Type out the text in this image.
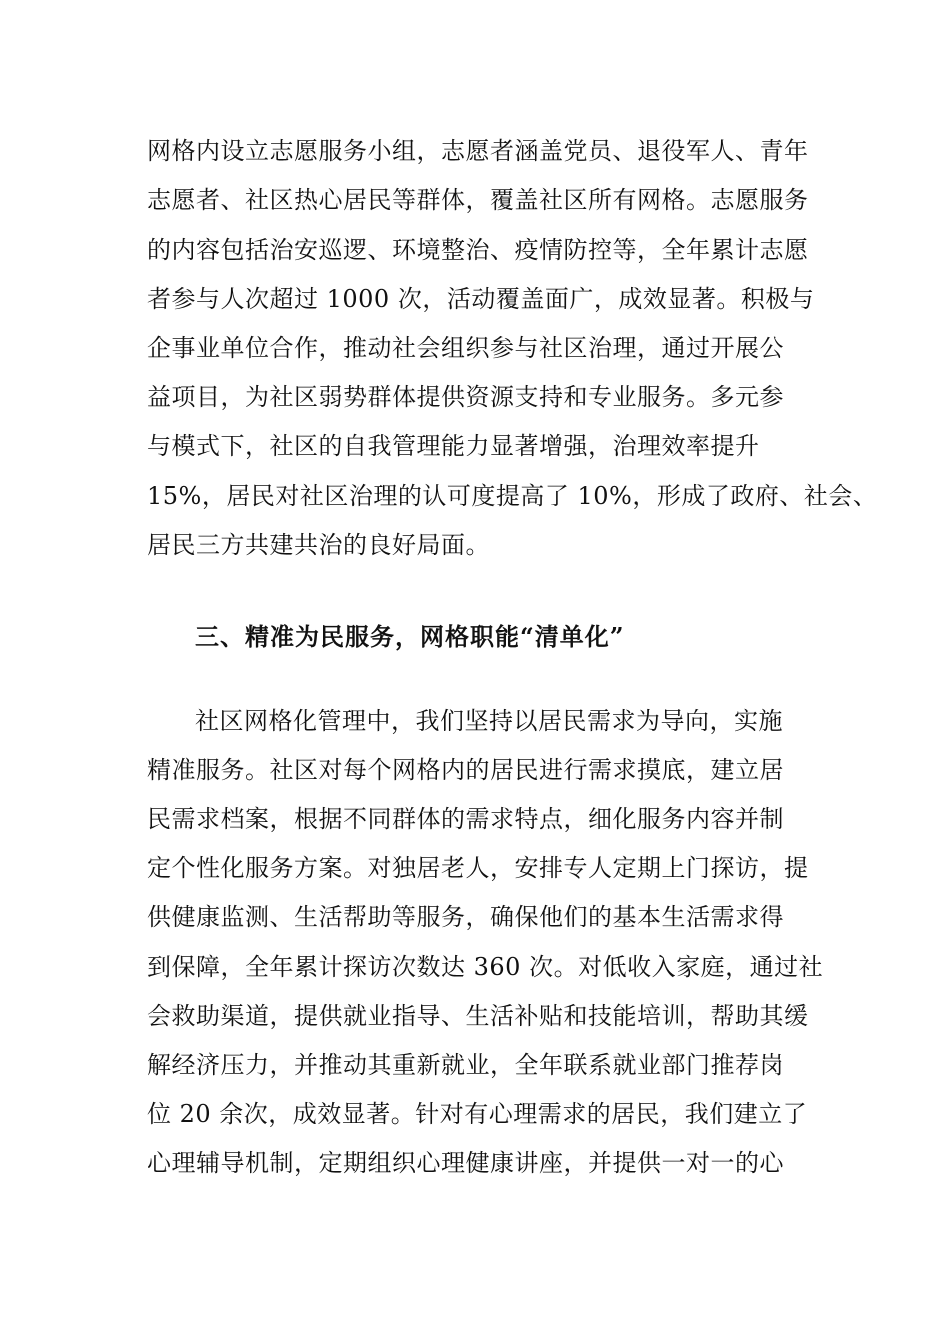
网格内设立志愿服务小组，志愿者涵盖党员、退役军人、青年
志愿者、社区热心居民等群体，覆盖社区所有网格。志愿服务
的内容包括治安巡逻、环境整治、疫情防控等，全年累计志愿
者参与人次超过 1000 次，活动覆盖面广，成效显著。积极与
企事业单位合作，推动社会组织参与社区治理，通过开展公
益项目，为社区弱势群体提供资源支持和专业服务。多元参
与模式下，社区的自我管理能力显著增强，治理效率提升
15%，居民对社区治理的认可度提高了 10%，形成了政府、社会、
居民三方共建共治的良好局面。
三、精准为民服务，网格职能“清单化”
社区网格化管理中，我们坚持以居民需求为导向，实施
精准服务。社区对每个网格内的居民进行需求摸底，建立居
民需求档案，根据不同群体的需求特点，细化服务内容并制
定个性化服务方案。对独居老人，安排专人定期上门探访，提
供健康监测、生活帮助等服务，确保他们的基本生活需求得
到保障，全年累计探访次数达 360 次。对低收入家庭，通过社
会救助渠道，提供就业指导、生活补贴和技能培训，帮助其缓
解经济压力，并推动其重新就业，全年联系就业部门推荐岗
位 20 余次，成效显著。针对有心理需求的居民，我们建立了
心理辅导机制，定期组织心理健康讲座，并提供一对一的心
